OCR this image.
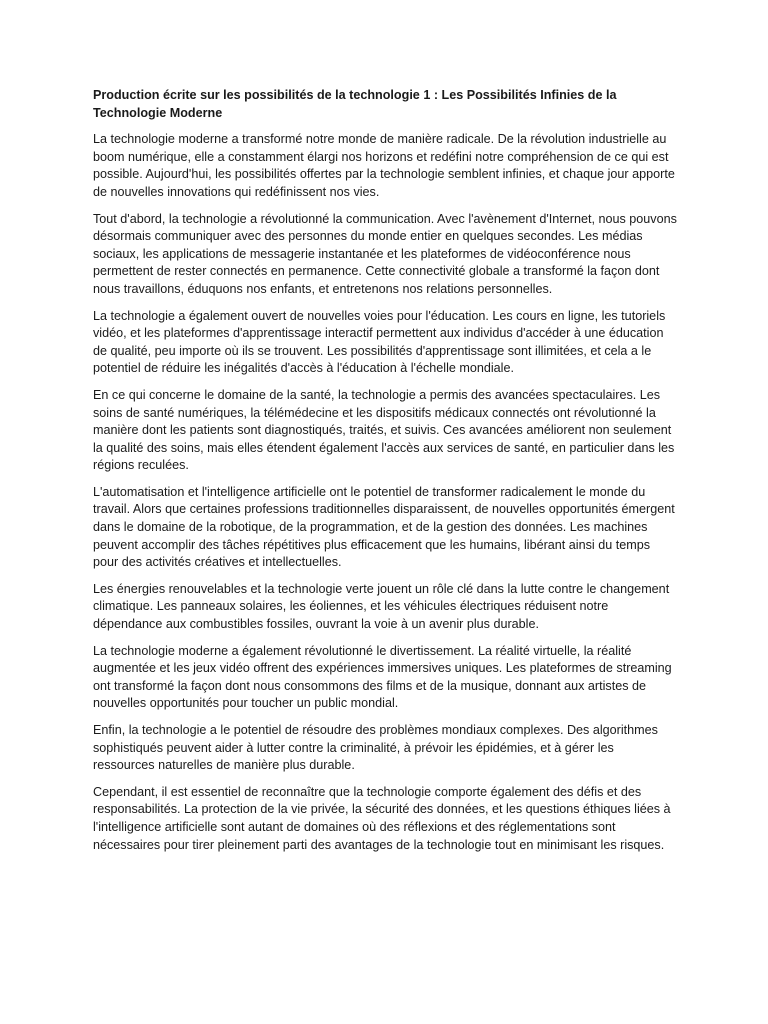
Production écrite sur les possibilités de la technologie 1 : Les Possibilités Infinies de la Technologie Moderne

La technologie moderne a transformé notre monde de manière radicale. De la révolution industrielle au boom numérique, elle a constamment élargi nos horizons et redéfini notre compréhension de ce qui est possible. Aujourd'hui, les possibilités offertes par la technologie semblent infinies, et chaque jour apporte de nouvelles innovations qui redéfinissent nos vies.

Tout d'abord, la technologie a révolutionné la communication. Avec l'avènement d'Internet, nous pouvons désormais communiquer avec des personnes du monde entier en quelques secondes. Les médias sociaux, les applications de messagerie instantanée et les plateformes de vidéoconférence nous permettent de rester connectés en permanence. Cette connectivité globale a transformé la façon dont nous travaillons, éduquons nos enfants, et entretenons nos relations personnelles.

La technologie a également ouvert de nouvelles voies pour l'éducation. Les cours en ligne, les tutoriels vidéo, et les plateformes d'apprentissage interactif permettent aux individus d'accéder à une éducation de qualité, peu importe où ils se trouvent. Les possibilités d'apprentissage sont illimitées, et cela a le potentiel de réduire les inégalités d'accès à l'éducation à l'échelle mondiale.

En ce qui concerne le domaine de la santé, la technologie a permis des avancées spectaculaires. Les soins de santé numériques, la télémédecine et les dispositifs médicaux connectés ont révolutionné la manière dont les patients sont diagnostiqués, traités, et suivis. Ces avancées améliorent non seulement la qualité des soins, mais elles étendent également l'accès aux services de santé, en particulier dans les régions reculées.

L'automatisation et l'intelligence artificielle ont le potentiel de transformer radicalement le monde du travail. Alors que certaines professions traditionnelles disparaissent, de nouvelles opportunités émergent dans le domaine de la robotique, de la programmation, et de la gestion des données. Les machines peuvent accomplir des tâches répétitives plus efficacement que les humains, libérant ainsi du temps pour des activités créatives et intellectuelles.

Les énergies renouvelables et la technologie verte jouent un rôle clé dans la lutte contre le changement climatique. Les panneaux solaires, les éoliennes, et les véhicules électriques réduisent notre dépendance aux combustibles fossiles, ouvrant la voie à un avenir plus durable.

La technologie moderne a également révolutionné le divertissement. La réalité virtuelle, la réalité augmentée et les jeux vidéo offrent des expériences immersives uniques. Les plateformes de streaming ont transformé la façon dont nous consommons des films et de la musique, donnant aux artistes de nouvelles opportunités pour toucher un public mondial.

Enfin, la technologie a le potentiel de résoudre des problèmes mondiaux complexes. Des algorithmes sophistiqués peuvent aider à lutter contre la criminalité, à prévoir les épidémies, et à gérer les ressources naturelles de manière plus durable.

Cependant, il est essentiel de reconnaître que la technologie comporte également des défis et des responsabilités. La protection de la vie privée, la sécurité des données, et les questions éthiques liées à l'intelligence artificielle sont autant de domaines où des réflexions et des réglementations sont nécessaires pour tirer pleinement parti des avantages de la technologie tout en minimisant les risques.
